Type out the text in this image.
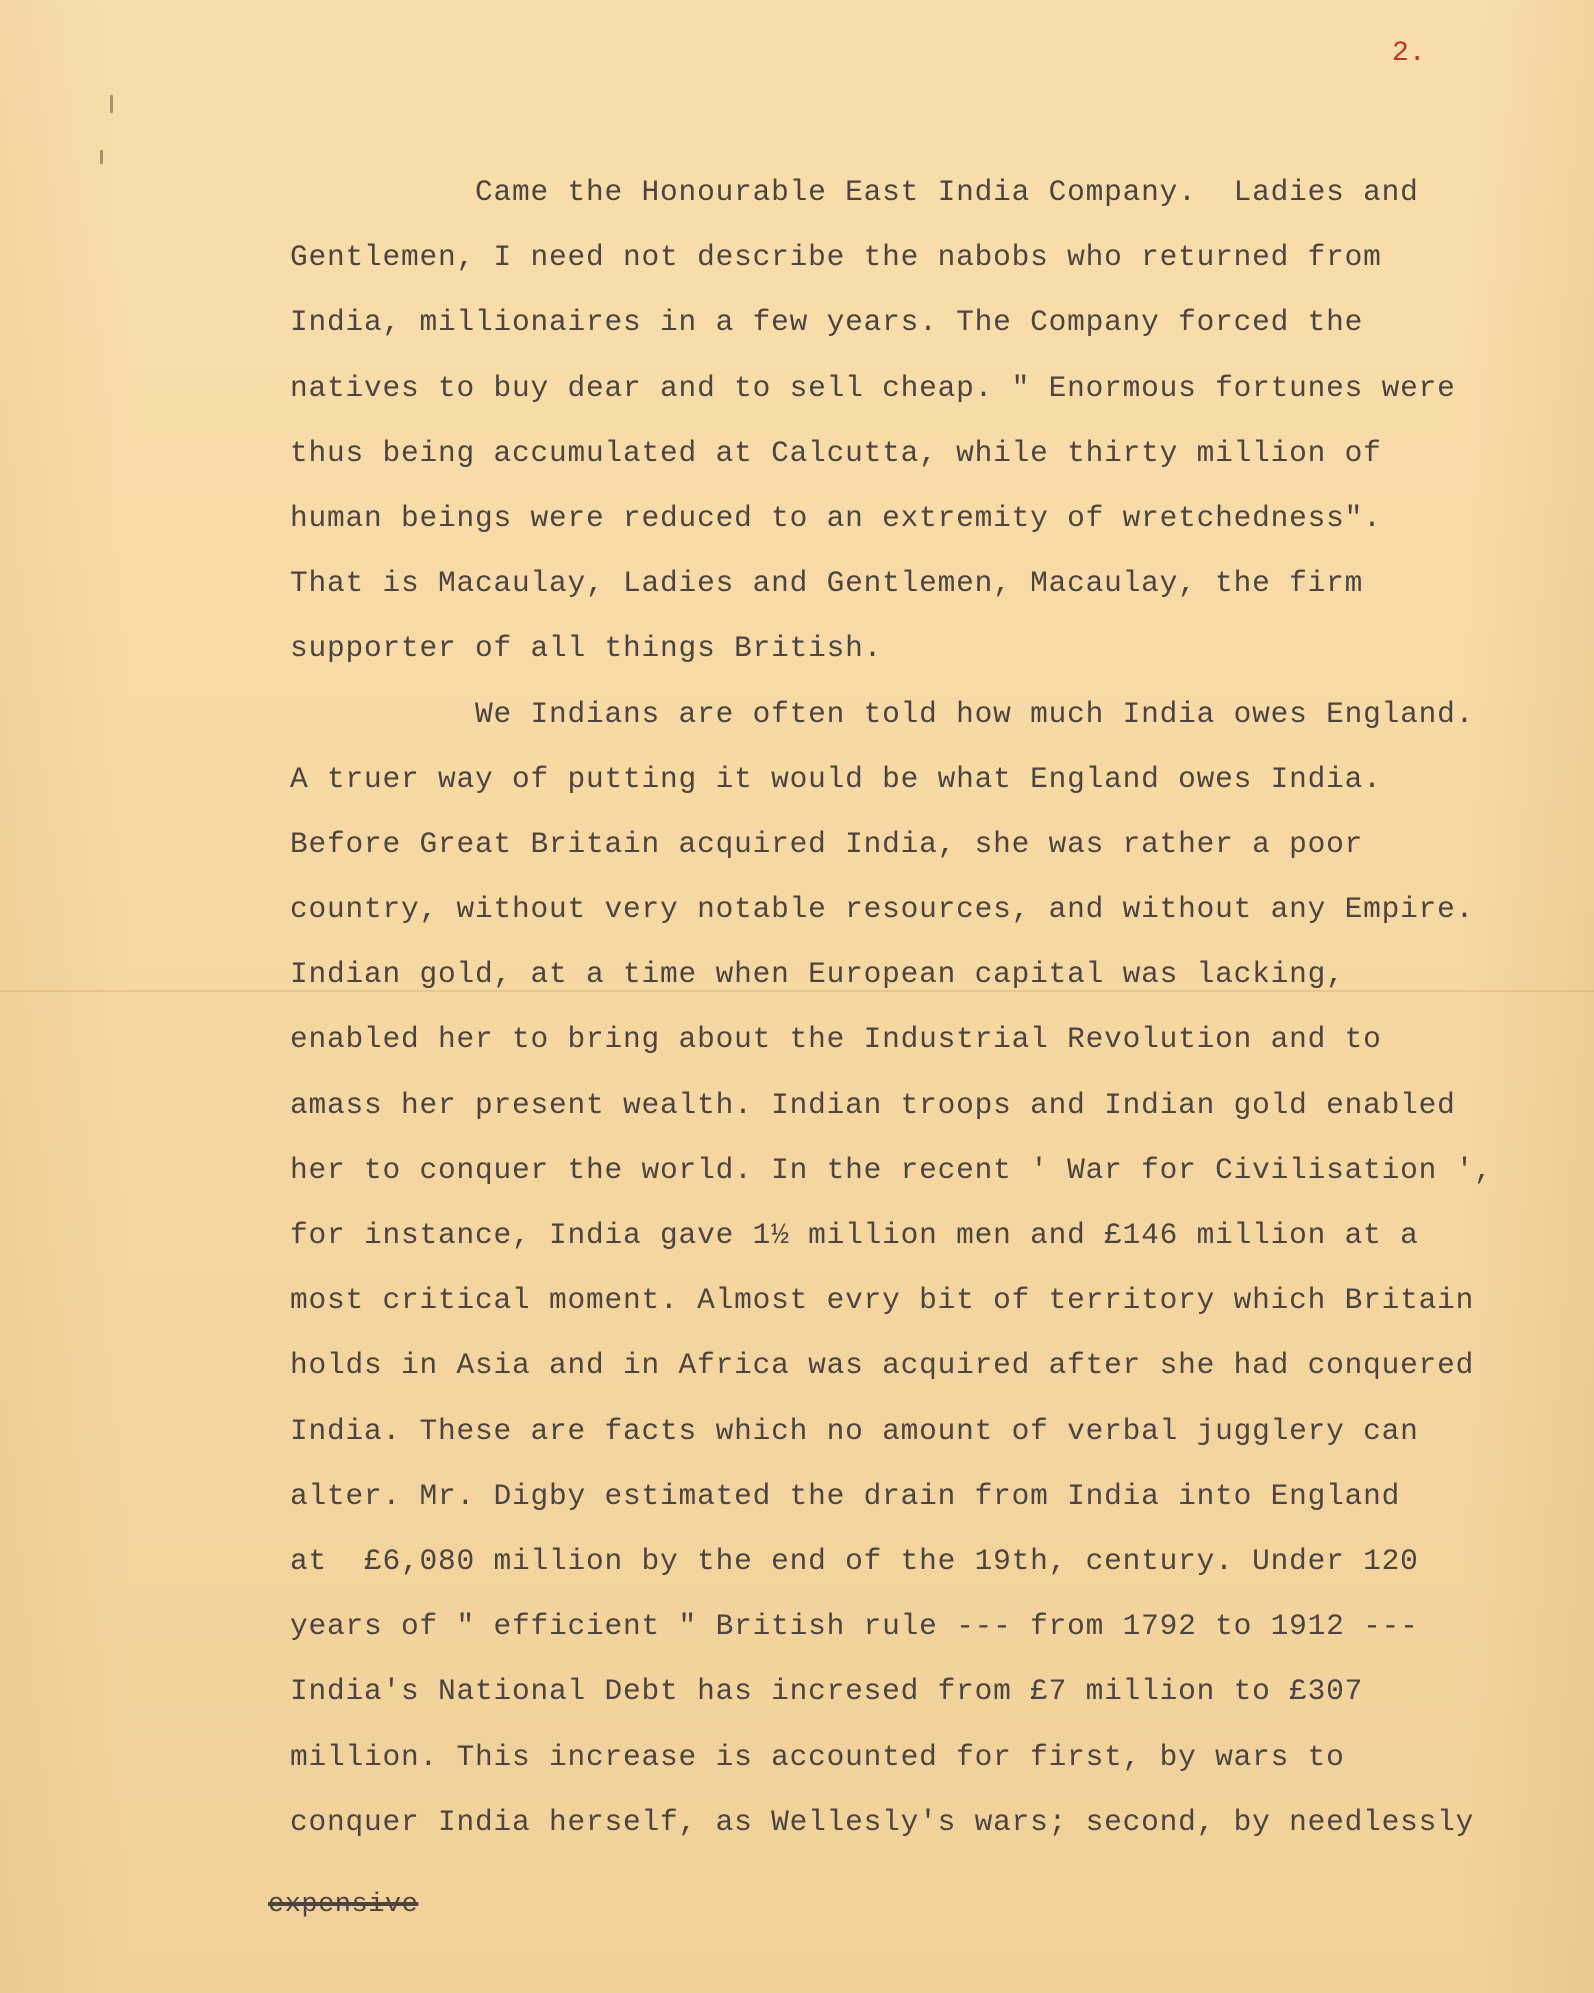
2.
Came the Honourable East India Company.  Ladies and
Gentlemen, I need not describe the nabobs who returned from
India, millionaires in a few years. The Company forced the
natives to buy dear and to sell cheap. " Enormous fortunes were
thus being accumulated at Calcutta, while thirty million of
human beings were reduced to an extremity of wretchedness".
That is Macaulay, Ladies and Gentlemen, Macaulay, the firm
supporter of all things British.
We Indians are often told how much India owes England.
A truer way of putting it would be what England owes India.
Before Great Britain acquired India, she was rather a poor
country, without very notable resources, and without any Empire.
Indian gold, at a time when European capital was lacking,
enabled her to bring about the Industrial Revolution and to
amass her present wealth. Indian troops and Indian gold enabled
her to conquer the world. In the recent ' War for Civilisation ',
for instance, India gave 1½ million men and £146 million at a
most critical moment. Almost evry bit of territory which Britain
holds in Asia and in Africa was acquired after she had conquered
India. These are facts which no amount of verbal jugglery can
alter. Mr. Digby estimated the drain from India into England
at  £6,080 million by the end of the 19th, century. Under 120
years of " efficient " British rule --- from 1792 to 1912 ---
India's National Debt has incresed from £7 million to £307
million. This increase is accounted for first, by wars to
conquer India herself, as Wellesly's wars; second, by needlessly
expensive
